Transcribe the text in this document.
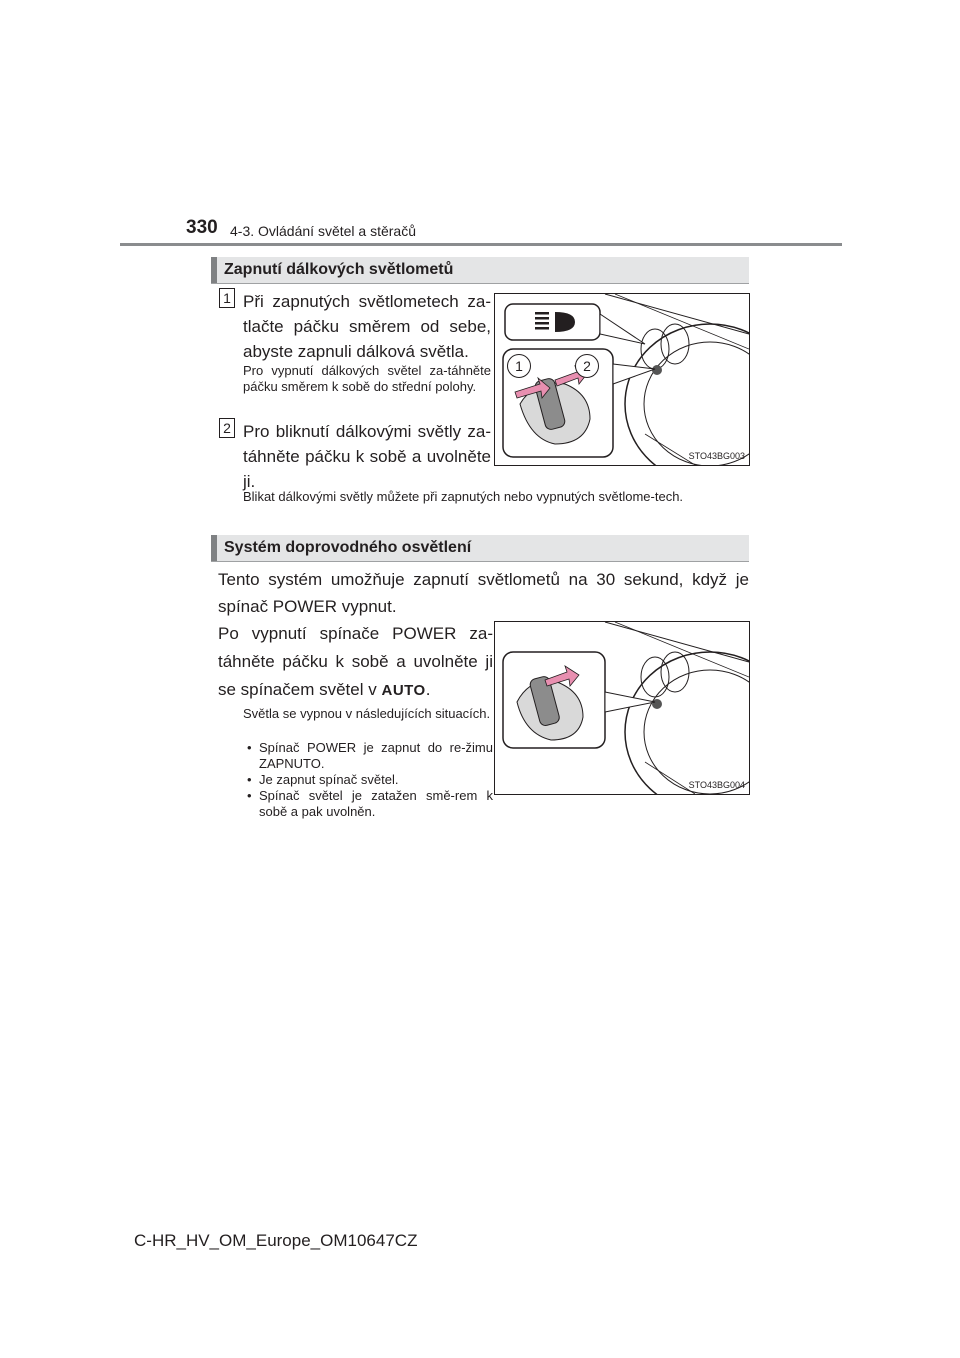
330 4-3. Ovládání světel a stěračů
Zapnutí dálkových světlometů
1 Při zapnutých světlometech za-tlačte páčku směrem od sebe, abyste zapnuli dálková světla.
Pro vypnutí dálkových světel za-táhněte páčku směrem k sobě do střední polohy.
2 Pro bliknutí dálkovými světly za-táhněte páčku k sobě a uvolněte ji.
Blikat dálkovými světly můžete při zapnutých nebo vypnutých světlome-tech.
1	2
STO43BG003
Systém doprovodného osvětlení
Tento systém umožňuje zapnutí světlometů na 30 sekund, když je spínač POWER vypnut.
Po vypnutí spínače POWER za-táhněte páčku k sobě a uvolněte ji se spínačem světel v AUTO.
Světla se vypnou v následujících situacích.
• Spínač POWER je zapnut do re-žimu ZAPNUTO.
• Je zapnut spínač světel.
• Spínač světel je zatažen smě-rem k sobě a pak uvolněn.
STO43BG004
C-HR_HV_OM_Europe_OM10647CZ
